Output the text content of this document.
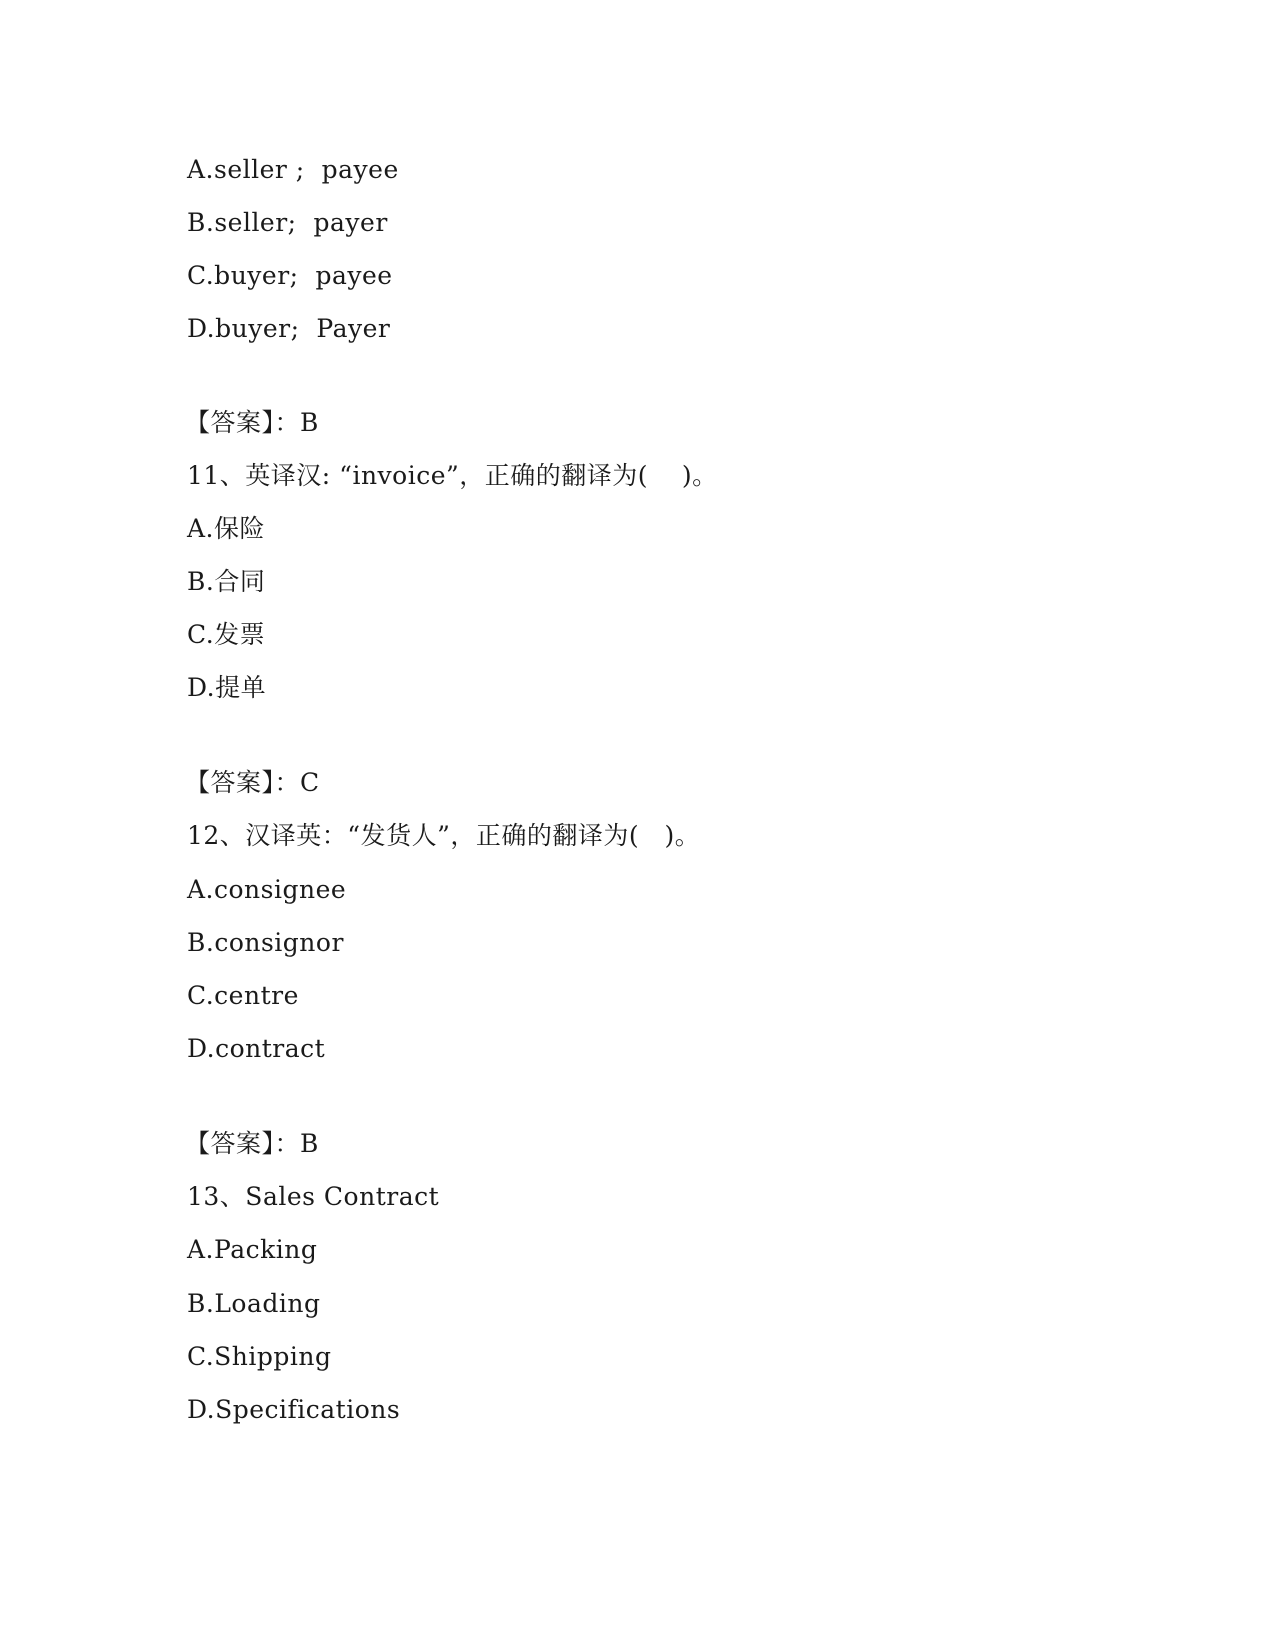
A.seller ;  payee
B.seller;  payer
C.buyer;  payee
D.buyer;  Payer
【答案】：B
11、英译汉: “invoice”，正确的翻译为(    )。
A.保险
B.合同
C.发票
D.提单
【答案】：C
12、汉译英：“发货人”，正确的翻译为(   )。
A.consignee
B.consignor
C.centre
D.contract
【答案】：B
13、Sales Contract
A.Packing
B.Loading
C.Shipping
D.Specifications
